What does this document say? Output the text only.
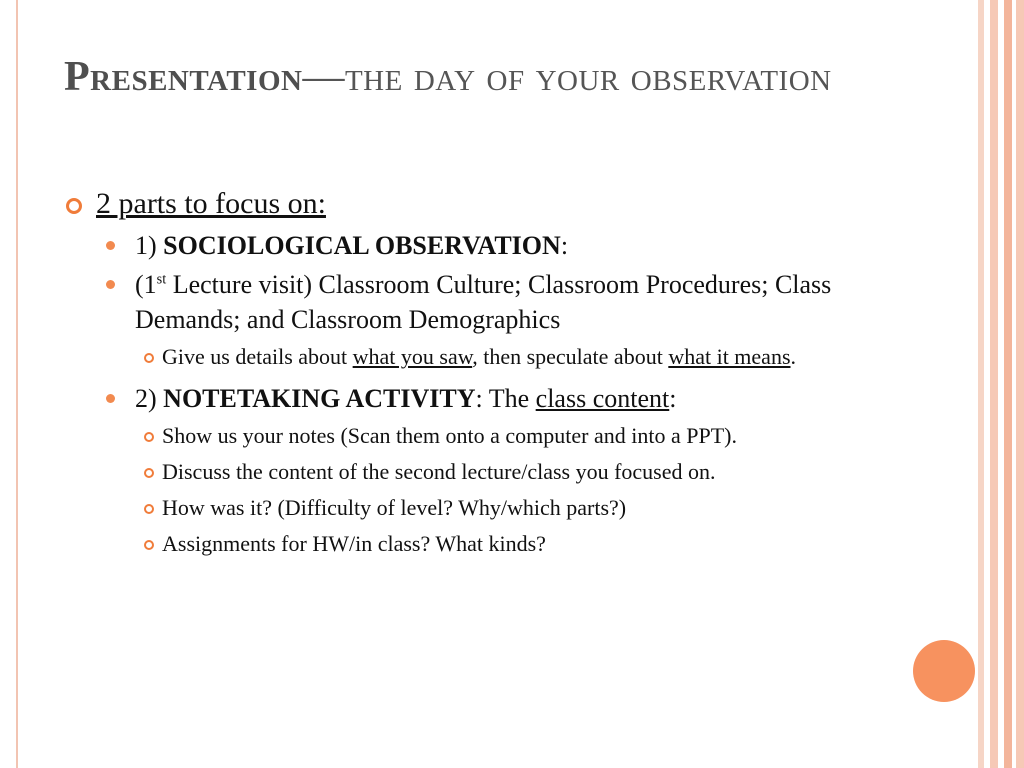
Presentation—the day of your observation
2 parts to focus on:
1) SOCIOLOGICAL OBSERVATION:
(1st Lecture visit) Classroom Culture; Classroom Procedures; Class Demands; and Classroom Demographics
Give us details about what you saw, then speculate about what it means.
2) NOTETAKING ACTIVITY: The class content:
Show us your notes (Scan them onto a computer and into a PPT).
Discuss the content of the second lecture/class you focused on.
How was it? (Difficulty of level? Why/which parts?)
Assignments for HW/in class? What kinds?
